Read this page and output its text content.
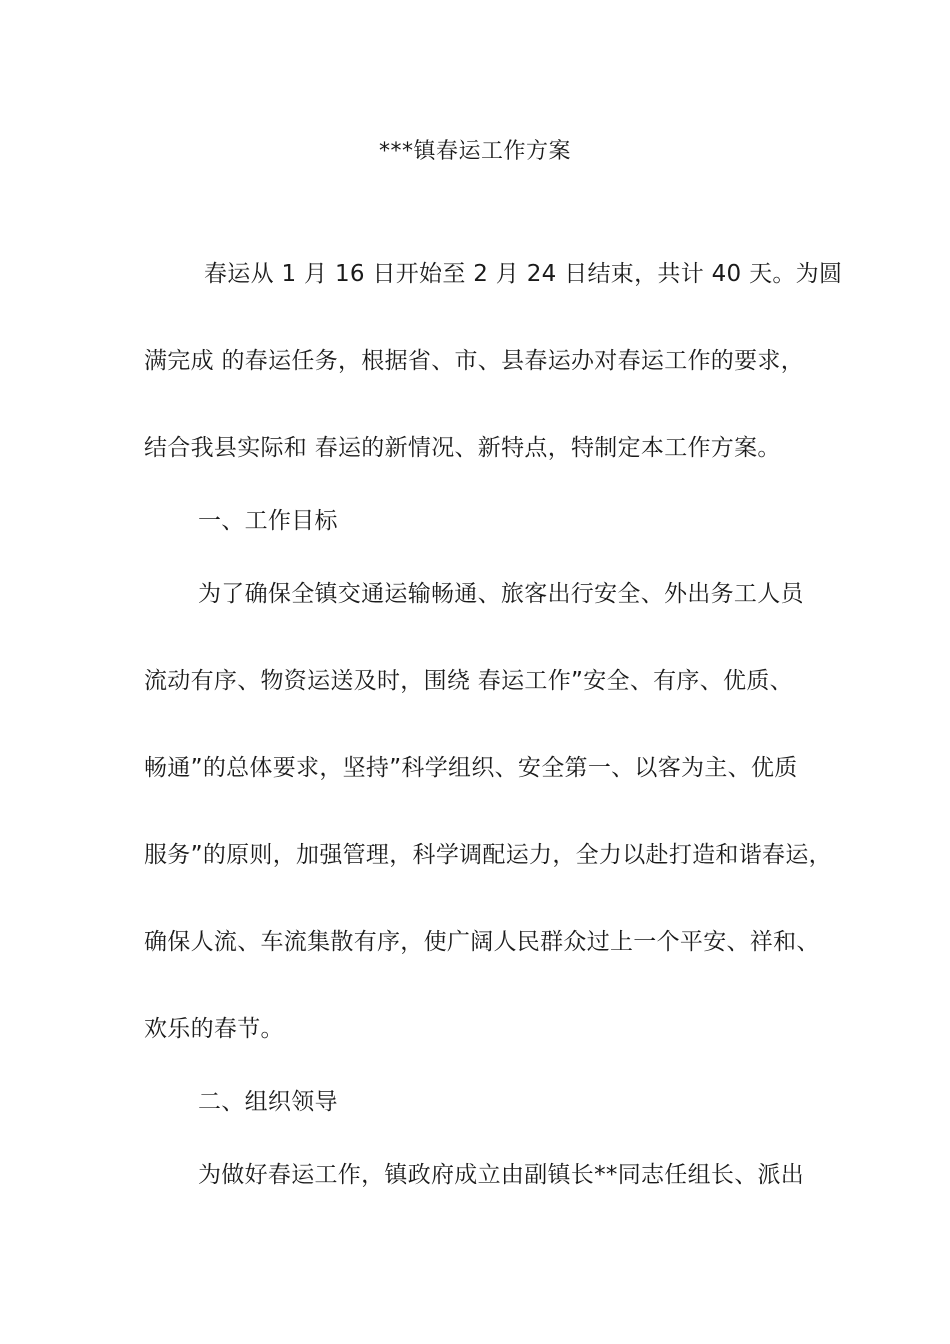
***镇春运工作方案
春运从 1 月 16 日开始至 2 月 24 日结束，共计 40 天。为圆
满完成 的春运任务，根据省、市、县春运办对春运工作的要求，
结合我县实际和 春运的新情况、新特点，特制定本工作方案。
一、工作目标
为了确保全镇交通运输畅通、旅客出行安全、外出务工人员
流动有序、物资运送及时，围绕 春运工作”安全、有序、优质、
畅通”的总体要求，坚持”科学组织、安全第一、以客为主、优质
服务”的原则，加强管理，科学调配运力，全力以赴打造和谐春运，
确保人流、车流集散有序，使广阔人民群众过上一个平安、祥和、
欢乐的春节。
二、组织领导
为做好春运工作，镇政府成立由副镇长**同志任组长、派出
